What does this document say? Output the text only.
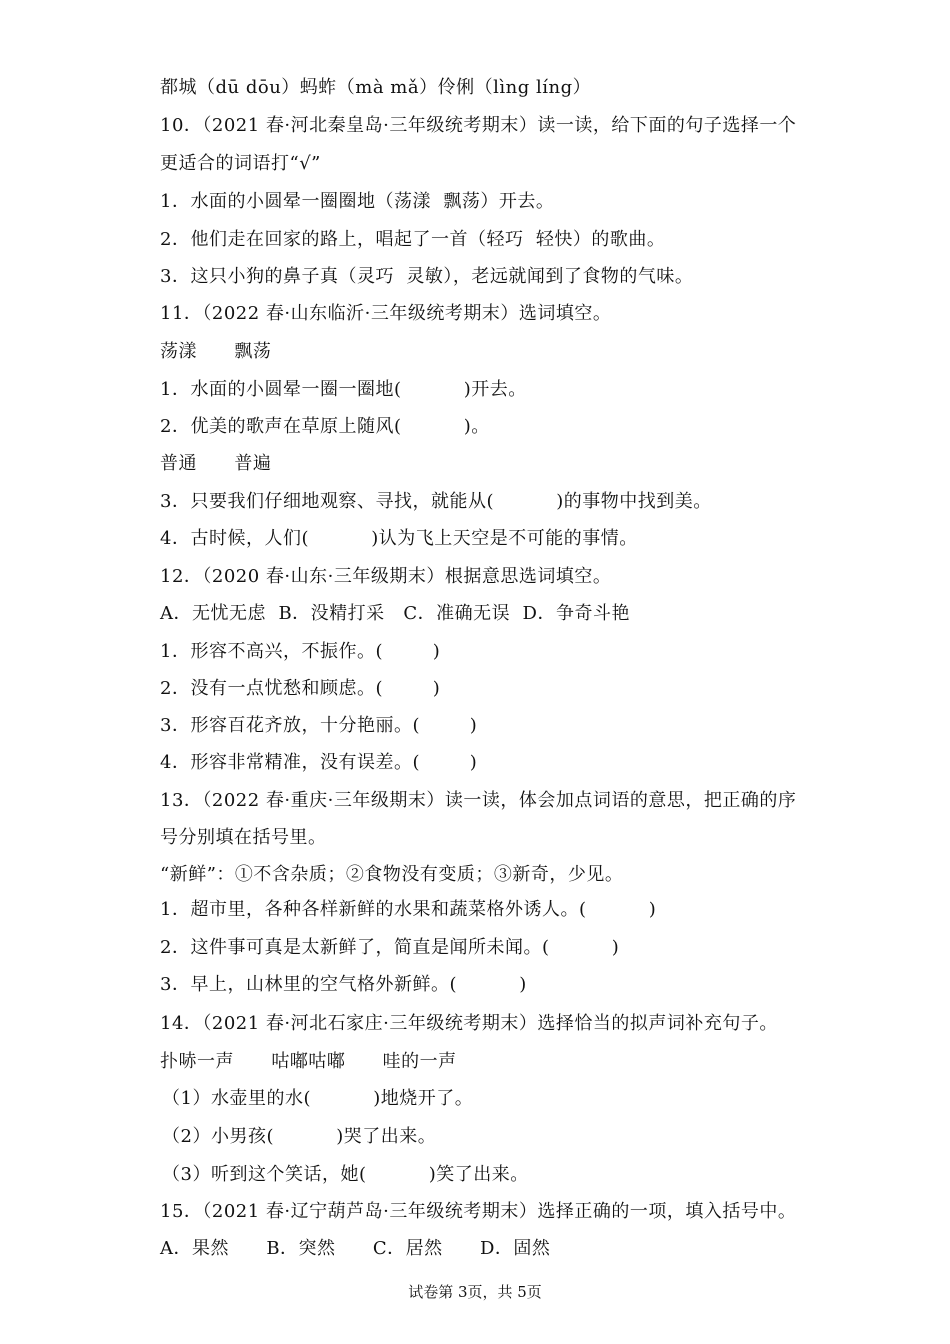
都城（dū dōu）蚂蚱（mà mǎ）伶俐（lìng líng）
10．（2021 春·河北秦皇岛·三年级统考期末）读一读，给下面的句子选择一个
更适合的词语打“√”
1．水面的小圆晕一圈圈地（荡漾  飘荡）开去。
2．他们走在回家的路上，唱起了一首（轻巧  轻快）的歌曲。
3．这只小狗的鼻子真（灵巧  灵敏），老远就闻到了食物的气味。
11．（2022 春·山东临沂·三年级统考期末）选词填空。
荡漾      飘荡
1．水面的小圆晕一圈一圈地(          )开去。
2．优美的歌声在草原上随风(          )。
普通      普遍
3．只要我们仔细地观察、寻找，就能从(          )的事物中找到美。
4．古时候，人们(          )认为飞上天空是不可能的事情。
12．（2020 春·山东·三年级期末）根据意思选词填空。
A．无忧无虑  B．没精打采   C．准确无误  D．争奇斗艳
1．形容不高兴，不振作。(        )
2．没有一点忧愁和顾虑。(        )
3．形容百花齐放，十分艳丽。(        )
4．形容非常精准，没有误差。(        )
13．（2022 春·重庆·三年级期末）读一读，体会加点词语的意思，把正确的序
号分别填在括号里。
“新鲜”：①不含杂质；②食物没有变质；③新奇，少见。
1．超市里，各种各样新鲜的水果和蔬菜格外诱人。(          )
2．这件事可真是太新鲜了，简直是闻所未闻。(          )
3．早上，山林里的空气格外新鲜。(          )
14．（2021 春·河北石家庄·三年级统考期末）选择恰当的拟声词补充句子。
扑哧一声      咕嘟咕嘟      哇的一声
（1）水壶里的水(          )地烧开了。
（2）小男孩(          )哭了出来。
（3）听到这个笑话，她(          )笑了出来。
15．（2021 春·辽宁葫芦岛·三年级统考期末）选择正确的一项，填入括号中。
A．果然      B．突然      C．居然      D．固然
试卷第 3页，共 5页
